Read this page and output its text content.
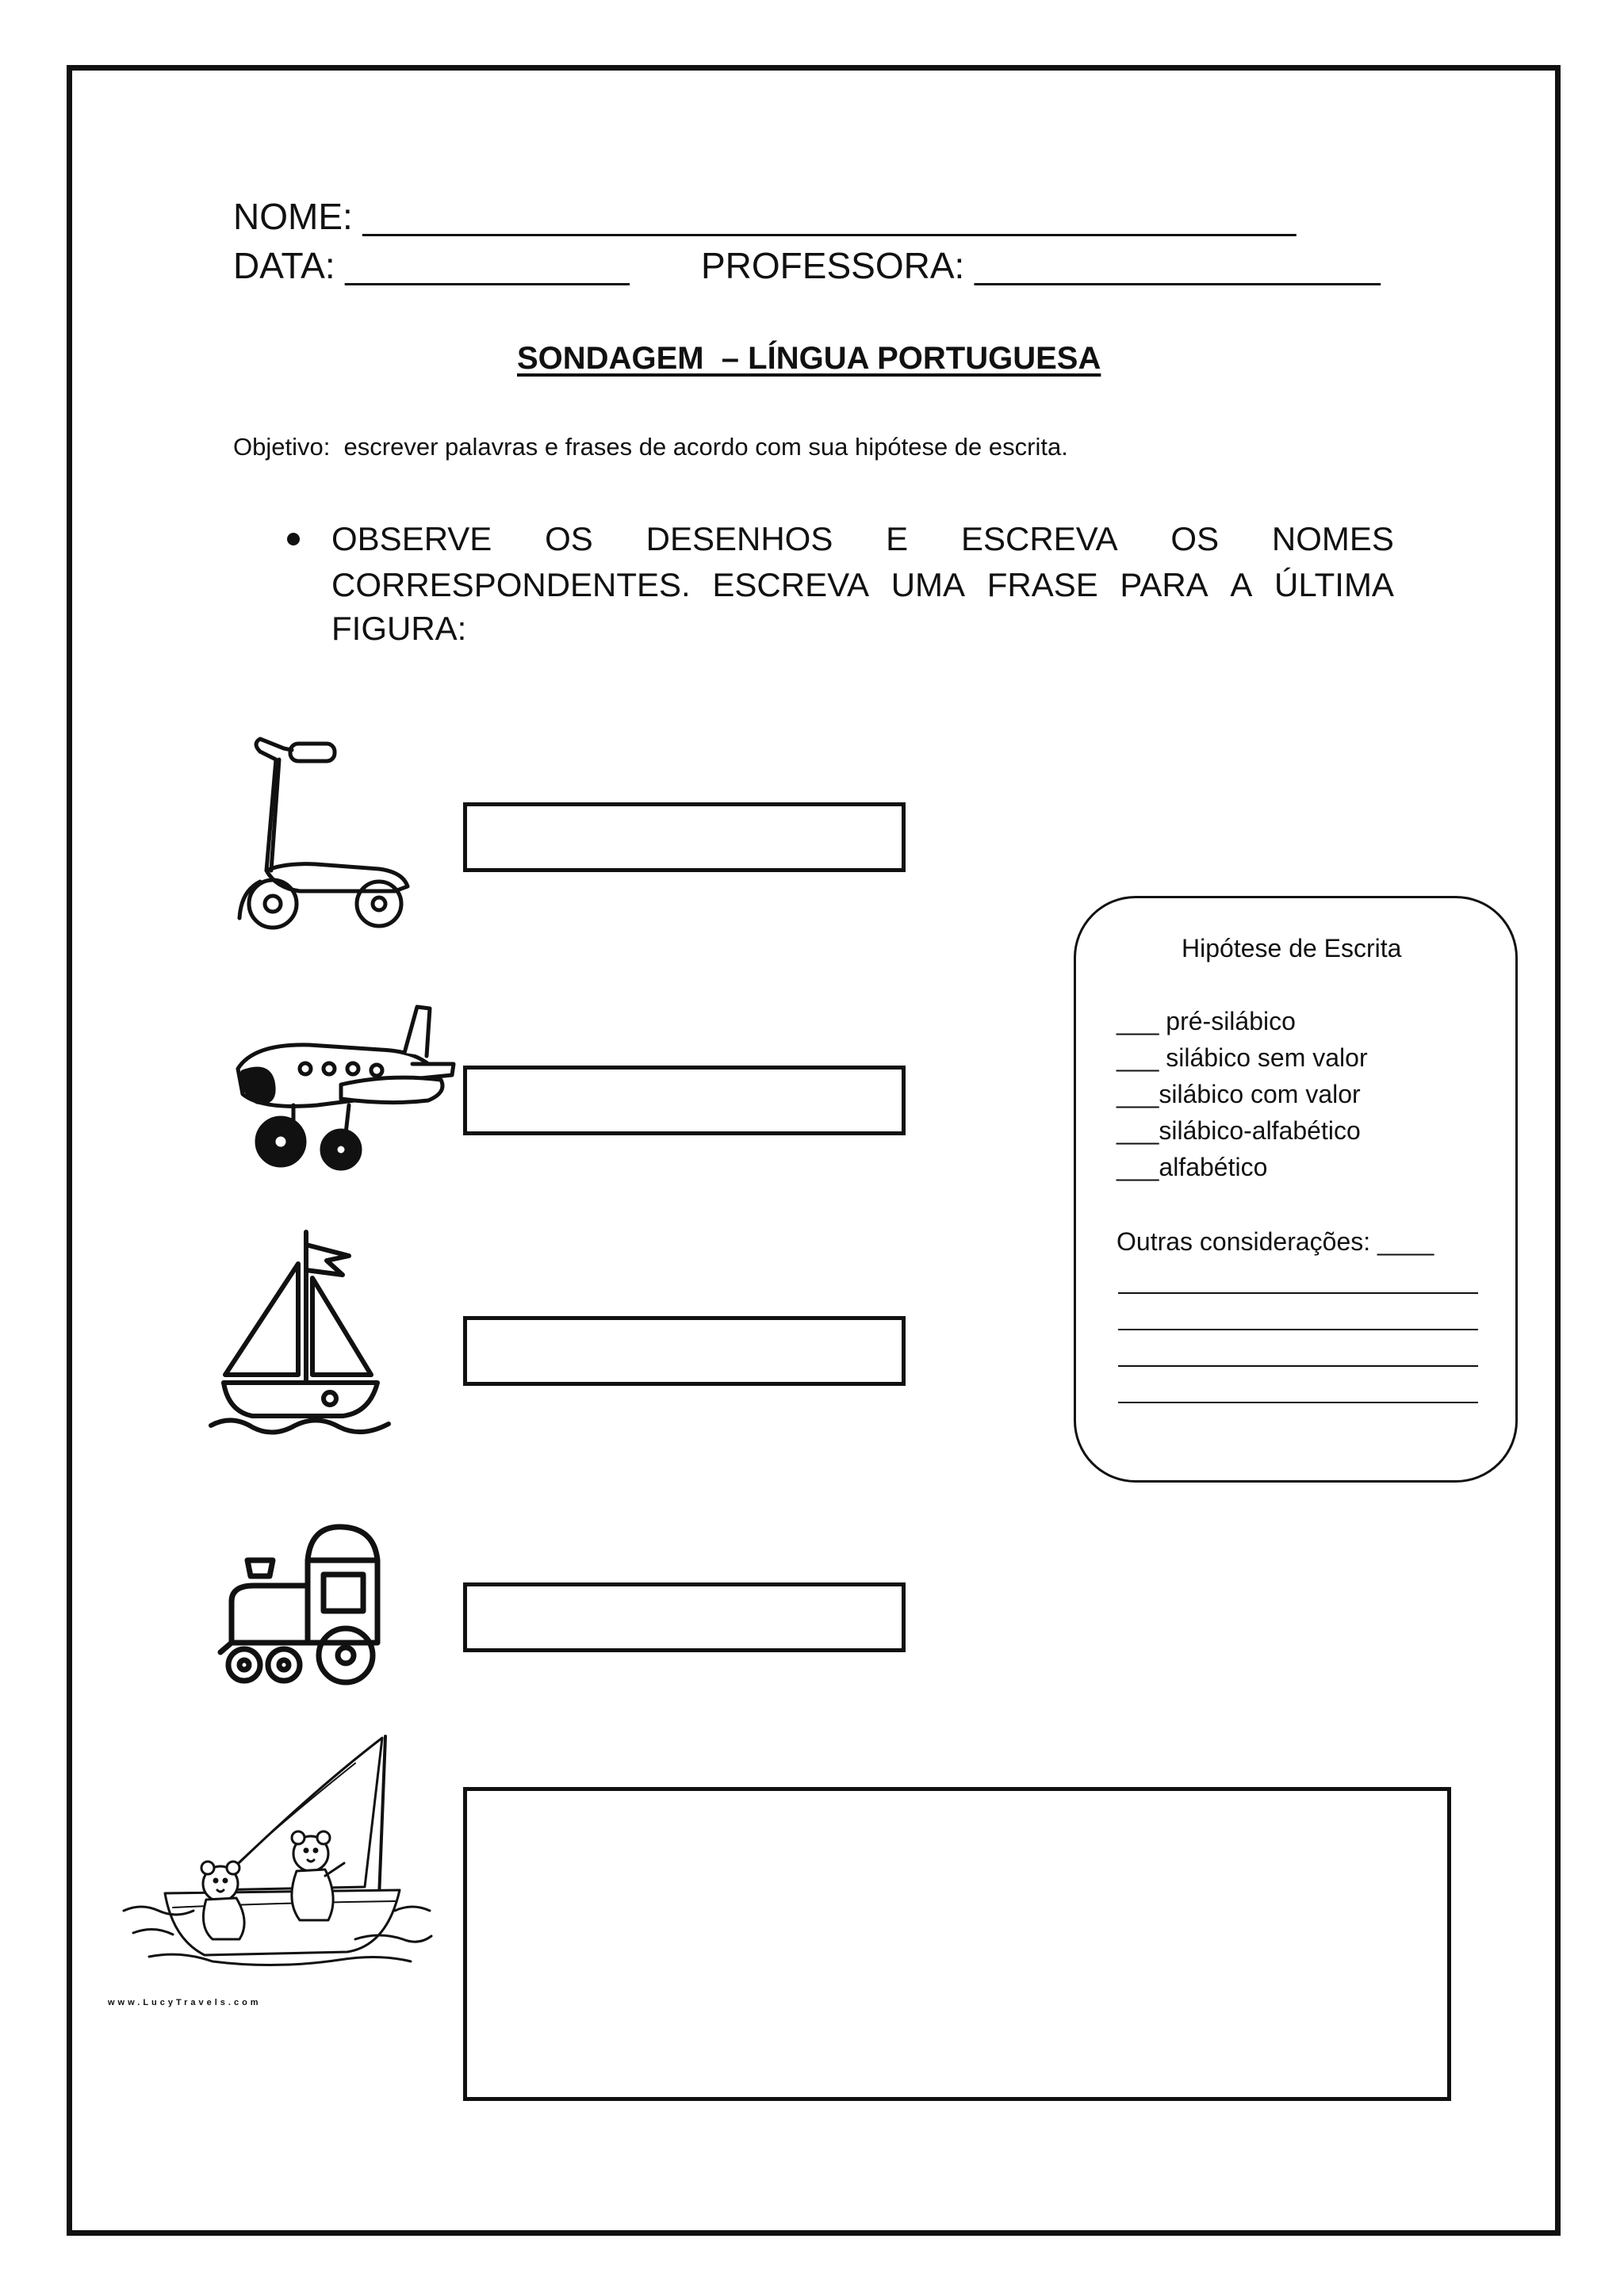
NOME: ______________________________________________
DATA: ______________ PROFESSORA: ____________________
SONDAGEM  – LÍNGUA PORTUGUESA
Objetivo:  escrever palavras e frases de acordo com sua hipótese de escrita.
OBSERVE OS DESENHOS E ESCREVA OS NOMES
CORRESPONDENTES. ESCREVA UMA FRASE PARA A ÚLTIMA
FIGURA:
www.LucyTravels.com
Hipótese de Escrita
___ pré-silábico
___ silábico sem valor
___silábico com valor
___silábico-alfabético
___alfabético
Outras considerações: ____
